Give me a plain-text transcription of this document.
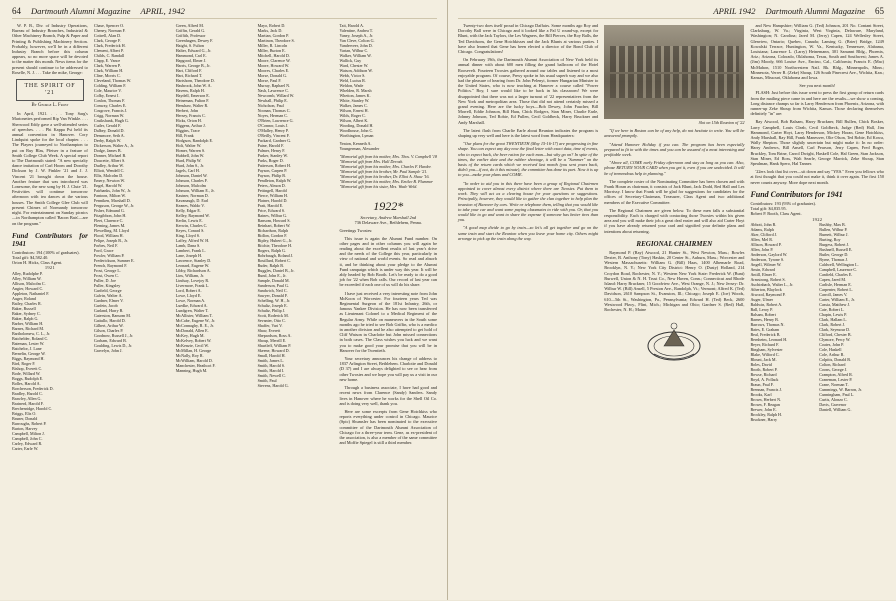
64 Dartmouth Alumni Magazine APRIL, 1942

W. P. B., Div. of Industry Operations, Bureau of Industry Branches, Industrial & Other Machinery Branch, Pulp & Paper and Printing & Publishing Machinery Section. Probably, however, we'll be in a different Industry Branch before this column appears, so no more space will be devoted to the matter this month. News items for the present should continue to be addressed to Roselle, N. J. . . . Take the mike, George:

THE SPIRIT OF '21
By George L. Frost

In April, 1921. . . . Tony Sarg's Marionettes performed Rip Van Winkle. . . . Sherwood Eddy gave a well-attended series of speeches. . . . Phi Kappa Psi held its annual convention in Hanover. Cory Lindquist spoke for the local chapter. . . . The Players journeyed to Northampton to put on Ruy Blas, Pfeiser in a feature of Smith College Club Week. A special report to The Dartmouth stated: "A new specialty dance imitation of Carl Hoom and Dorothy Dickson by J. W. Finkler '21 and J. J. Vincent '21 brought down the house. Another feature that was introduced was Lonesome, the new song by H. J. Clute '21. Festivities will continue tomorrow afternoon with tea dances at the various houses. The Smith College Glee Club will present Chimes of Normandy tomorrow night. For entertainment on Sunday picnics—in Northampton called 'Bacon Bats'—are on the program."

Fund Contributors for 1941
Contributors: 194 (100% of graduates).
Total gift: $4,582.40.
Orton H. Hicks, Class Agent.
1921
Alley, Rudolphe P.
Alley, William W.
Allison, Malcolm C.
Angier, Howard C.
Appleton, Nathaniel F.
Auger, Roland
Bailey, Charles R.
Baker, Russell
Baker, Sydney C.
Baker, Ralph G.
Barber, William H.
Barnes, Richard M.
Bartholomew, C. L., Jr.
Batchelder, Roland C.
Bateman, Lester W.
Batchelor, J. Lane
Bernelin, George W.
Biggs, Raymond H.
Bird, Roger F.
Bishop, Everett C.
Bode, Willard W.
Boggs, Rudolph E.
Bolles, Harold A.
Borcherson, Frederick D.
Bradley, Harold C.
Brawley, Allen G.
Brainerd, Harold F.
Brechenridge, Harold C.
Briggs, Elis O.
Bruner, Donald
Burroughs, Robert P.
Burton, Harvey
Campbell, Milton J.
Campbell, John C.
Carley, Edward R.
Carter, Earle W.
Chase, Spencer O.
Cheney, Norman F.
Cottrell, Alan D.
Clark, George F.
Clark, Frederick H.
Clement, Albert P.
Childs, C. Randall
Clapp, E. Vance
Clark, Warren P.
Clark, William H.
Cline, Morris C.
Cleveland, Thomas W.
Colding, William F.
Cole, Maurice V.
Colby, Ernest I.
Conlon, Thomas F.
Conway, Charles E.
Cosgrove, Francis J.
Crigg, Norman W.
Cruikshank, Hugh G.
Cutler, Gerald F.
Dalbey, Donald D.
Densmore, Seth A.
Derby, Ralph W.
Dickerson, Walter A., Jr.
Dodge, James B.
Donner, Michael B.
Doucette, Albert S.
Dudley, Arthur W.
Elliott, Wendell C.
Ellis, Malcolm D.
Emery, Newton W.
Engel, Harold W.
Fairbanks, John W., Jr.
Fantoon, Milton W.
Fenniken, Marshall D.
Ferguson, George W., Jr.
Fisher, Edmund G.
Fitzgibbon, John H.
Fleet, Clarence C.
Fleming, James M.
Flewelling, M. Lloyd
Flood, William H.
Felipe, Joseph B., Jr.
Forbes, Neil F.
Ford, Grace
Fowler, William P.
Frederickson, Sumner E.
French, Raymond F.
Frost, George L.
Frost, Owen C.
Fuller, D. Joe
Fuller, Kingsley
Garfield, George
Galvin, Walter A.
Gardner, Elmer V.
Garfein, Jacob
Garland, Harry B.
Gaterston, Ransom M.
Gattullo, Harold D.
Gilbert, Arthur W.
Gilson, Charles P.
Goodnow, Russell J., Jr.
Gorham, Edward B.
Goulding, Lewis D., Jr.
Gravelyn, John J.
Green, Alfred M.
Griffin, Gerald G.
Griffith, Professor
Greenhagen, Dewey F.
Haight, S. Fulton
Halter, Edward G., Jr.
Hammond, Carl E.
Hapgood, Elmer J.
Harris, George B., Jr.
Hart, Clifford F.
Hart, Richard T.
Hartshorn, Theodore D.
Hasbrook, John W. A.
Havens, Ralph H.
Haydell, Emerson E.
Heineman, Fulton F.
Henshaw, Walter R.
Herbert, John
Hersey, Francis C.
Hicks, Orton H.
Higgens, Arthur J.
Higgins, Trace
Hill, Frank
Hodgson, Randolph E.
Holt, Walter W.
Homer, Warren S.
Hubbell, John W.
Hurd, Philip W.
Hurd, John S., Jr.
Jagels, Carl H.
Johnson, Daniel W.
Johnson, Charles F.
Johnson, Malcolm
Johnson, William E., Jr.
Kastner, Norman D.
Kavanaugh, D. Earl
Keanes, Waldo V.
Kelly, Edgar E.
Kelley, Raymond W.
Kerlin, Lewis E.
Kerwin, Charles C.
Keyes, Conrad S.
King, Lloyd S.
Laffey, Alfred W. H.
Lamb, Dana S.
Lambert, Frank L.
Lane, Joseph H.
Lawrence, Stanley D.
Leonard, Eugene W.
Libby, Richardson A.
Lins, William, Jr.
Lindsay, Lovejoy R.
Livermore, Frank L.
Lord, Robert A.
Lowe, Lloyd E.
Lowe, Norman A.
Luedke, Edward A.
Lundgren, Walter T.
McAllister, William T.
McCabe, Eugene W., Jr.
McConnaghy, R. E., Jr.
McDonald, Allen E.
McKey, Hugh M.
McKelvey, Robert W.
McKenzie, Cecil W.
McMillan, H. George
McNally, Roy R.
McWilliam, Harold D.
Manchester, Heathcot F.
Manning, Hugh M.
Mayo, Robert D.
Marks, Jack D.
Martian, Gordon P.
Martinon, Theodore S.
Miller, R. Lincoln
Miller, Burton E.
Mitchell, Harold D.
Moore, Clarence W.
Moore, Howard W.
Moores, Charles E.
Morse, Donald G.
Morse, Paul F.
Murray, Raphael N.
Nash, Lawrence C.
Newcomb, Willard W.
Newhall, Philip E.
Nicholson, Paul
Noonan, Thomas C.
Noyes, Herman C.
O'Brien, Lawrence G.
O'Connor, Louis J.
O'Malley, Henry P.
O'Reilly, Vincent F.
Packard, Gardner G.
Paine, Harold F.
Palmer, Henry F.
Parker, Stanley W.
Parks, Roger D.
Patterson, Robert H.
Payson, Carpen P.
Payson, Philip B.
Pendleton, Ralph W.
Peters, Almon D.
Pettingell, Harold
Pierce, William H.
Platner, Harold D.
Pratt, Harold E.
Price, Edward S.
Raines, Wilbur G.
Ransom, Howard S.
Reinhart, Robert W.
Richardson, Ralph
Ridlon, Gordon F.
Ripley, Hubert G., Jr.
Ritchie, Theodore H.
Rogers, Ralph G.
Rohrbaugh, Roland J.
Rouillard, Robert C.
Ruder, Ralph B.
Ruggles, Daniel B., Jr.
Rund, John E., Jr.
Sample, Donald M.
Sanderson, Paul G.
Sandwich, Neil C.
Sawyer, Donald F.
Schelling, W. H., Jr.
Schultz, Joseph E.
Schultz, Philip J.
Scott, Roderick M.
Sevanter, Otto C.
Shaffer, Vari V.
Shaw, Everett
Shepardson, Ross A.
Shoup, Merrill E.
Shurtleff, William P.
Skeene, Howard D.
Small, Harold H.
Smith, James L.
Smith, Harold S.
Smith, Harold I.
Smith, Newell C.
Smith, Paul
Stevens, Harold G.
Tait, Harold A.
Valentine, Andrea T.
Vaney, Joseph A., Jr.
Van Cleve, Colton G.
Vanderveer, John D.
Vartan, Wilbur C.
Walker, William W.
Wallick, Guy
Ward, Chester W.
Watson, Addison W.
Webb, Victor S.
Weld, Lucius R.
Weldon, Wade
Whelden, R. Marsh
Whetton, James K.
White, Stanley W.
Walker, James C.
Wilson, Ernest H.
Wilds, Roger C.
Wilson, Albert K.
Wooding, Donald H.
Woodhouse, John C.
Worthington, Lyman
Yeaton, Kenneth A.
Youngerman, Alexander
"Memorial gift from his mother, Mrs. Thos. V. Campbell '18
"Memorial gift from Mrs. Hall Derosh.
"Memorial gift from his mother, Mrs. Charles F. Harder.
"Memorial gift from his brother, Mr. Paul Sample '21.
"Memorial gift from his brother, Dr. Elliot A. Shaw '16.
"Memorial gift from his mother, Mrs. Emilee B. Plummer
"Memorial gift from his sister, Mrs. Wade Weld.
1922*
Secretary, Andrew Marshall 2nd
736 Delaware Ave., Bethlehem, Penna.
Greetings Twosies:

This issue is again the Alumni Fund number. On other pages and in other columns you will again be reading about the excellent results of last year's drive and the needs of the College this year, particularly in view of national and world events. So read and absorb it, and be thinking about your pledge to the Alumni Fund campaign which is under way this year. It will be ably headed by Bob Booth. Let's be ready to do a good job for '22 when Bob calls. Our record of last year can be exceeded if each one of us will do his share.

I have just received a very interesting note from John McKoon of Worcester. For fourteen years Ted was Regimental Surgeon of the 181st Infantry, 26th, or famous Yankee Division. He has now been transferred as Lieutenant Colonel to a Medical Regiment of the Regular Army. While on maneuvers in the South some months ago he tried to see Bob Griffin, who is a medico in another division and he also attempted to get hold of Cliff Watson in Charlotte but John missed connections in both cases. The Class wishes you luck and we want you to make good your promise that you will be in Hanover for the Twentieth.

Your secretary announces his change of address to 1837 Arlington Street, Bethlehem. Charlotte and Donald (D 37) and I are always delighted to see or hear from other Twosies and we hope you will pay us a visit in our new home.

Through a business associate, I have had good and recent news from Clarence (Sandy) Sanders. Sandy lives in Hanover where he works for the Shell Oil Co. and is doing very well, thank you.

Here are some excerpts from Gene Hotchkiss who reports everything under control in Chicago. Maurice (Spic) Shumsler has been nominated to the executive committee of the Dartmouth Alumni Association of Chicago for a three-year term. Gene, as ex-president of the association, is also a member of the same committee and Moffie Spiegel is still a third member.

APRIL 1942 Dartmouth Alumni Magazine 65

Twenty-two does itself proud in Chicago Daffairs. Some months ago Roy and Dorothy Ball were in Chicago and it looked like a Pal U round-up, except for Blunt, with the Jack Taylors, the Les Wagners, the Bill Pierces, the Roy Balls, the Ted Davidsons, the Gene Hotchkisses and the Jack Blunts at various parties. I have also learned that Gene has been elected a director of the Bond Club of Chicago. Congratulations!

On February 19th, the Dartmouth Alumni Association of New York held its annual dinner with about 600 men filling the grand ballroom of the Hotel Roosevelt. Fourteen Twosies gathered around our tables and listened to a most enjoyable program. Of course, Prexy spoke in his usual superb way and we also had the pleasure of hearing from Dr. John Pelenyi, former Hungarian Minister to the United States, who is now teaching at Hanover a course called "Power Politics." Boy, I sure would like to be back in his classroom! We were disappointed that there was not a larger turnout of '22 representatives from the New York and metropolitan area. Those that did not attend certainly missed a grand evening. Here are the lucky boys—Bob Dewey, John Faucher, Bill Morrell, Eddie Johnson, Bill Haas, Chick Rodgers, Stan Miner, Charlie Earle, Johnny Johnson, Ted Robie, Ed Pullen, Cecil Goldbeck, Harry Bruckner and Andy Marshall.

The latest flash from Charlie Earle about Reunion indicates the program is shaping up very well and here is the latest word from Headquarters:

"Our plans for the great TWENTIETH (May 15-16-17) are progressing in fine shape. You can expect any day now the final letter with exact data, time of events, who to expect back, the beer ration for each man—but why go on? In spite of the times, the earlier date and the rubber shortage, it will be a "Summer" on the basis of the return cards which we received last month (you sent yours back, didn't you—if not, do it this minute), the committee has done its part. Now it is up to you—make your plans and COME.

"In order to aid you in this there have been a group of Regional Chairmen appointed to cover almost every district where there are Twosies. Put them to work. They will act as a clearing house for your questions or suggestions. Principally, however, they would like to gather the clan together to help plan the invasion of Hanover by cars. Write or telephone them, telling that you would like to take your car and want some paying classmates to ride with you. Or, that you would like to go and want to share the expense if someone has better tires than you.

"A good map divide to go by train—so let's all get together and go on the same train and start the Reunion when you leave your home city. Others might arrange to pick up the train along the way.

Slot on 15th Reunion of '22

"If we here in Boston can be of any help, do not hesitate to write. You will be answered promptly.

"Attend Hanover Holiday if you can. The program has been especially prepared to fit in with the times and you can be assured of a most interesting and profitable week.

"Above all, COME early Friday afternoon and stay as long as you can. Also, please RETURN YOUR CARD when you get it, even if you are undecided. It will be of tremendous help in planning."

The complete roster of the Nominating Committee has been chosen and with Frank Horan as chairman, it consists of Jack Blunt, Jack Dodd, Red Hall and Les Morrissy. I know that Frank will be glad for suggestions for candidates for the offices of Secretary-Chairman, Treasurer, Class Agent and two additional members of the Executive Committee.

The Regional Chairmen are given below. To these men falls a substantial responsibility. Each is charged with contacting those Twosies within his given area and you will make their job a great deal easier and will also aid Carter Hoyt if you have already returned your card and signified your definite plans and intentions about returning.

REGIONAL CHAIRMEN

Raymond P. (Ray) Atwood, 21 Hunter St., West Newton, Mass.; Bowles Dexter, B. Anthony (Tony) Haskin, 20 Center St., Auburn, Mass.; Worcester and Western Massachusetts: William G. (Bill) Haas, 1400 Albemarle Road, Brooklyn, N. Y.; New York City District: Henry O. (Dusty) Holland, 214 Croydon Road, Rochester, N. Y.; Western New York State: Frederick W. (Bunt) Burwell, Union & N. H. Trust Co., New Haven, Conn.; Connecticut and Rhode Island: Harry Bruckner, 15 Goodview Ave., West Orange, N. J.; New Jersey: Dr. Wilbur W. (Bill) Ansell, 5 Preston Ave., Randolph, Vt.; Vermont; Alfred K. (Ted) Davidson, 2610 Sampson St., Evanston, Ill.; Chicago; Joseph E. (Joe) Woods, 610—5th St., Washington, Pa., Pennsylvania; Edward H. (Ted) Beck, 2600 Westwood Pkwy., Flint, Mich.; Michigan and Ohio; Gardner S. (Red) Hall, Rochester, N. H.; Maine

and New Hampshire; William G. (Ted) Johnson, 201 No. Contant Street, Clarksburg, W. Va.; Virginia, West Virginia, Delaware, Maryland, Washington; N. Carolina; Jared M. (Jerry) Capen, 124 Wellesley Street, Glenview, Ontario; Quebec, Canada; Lansing G. (Brier) Bridge, 1249 Kowalski Terrace, Huntington, W. Va., Kentucky, Tennessee, Alabama, Louisiana; Laurence L. (Larry) Heinemann, 301 Sanunnt Bldg., Phoenix, Ariz.; Arizona, Colorado, Oklahoma, Texas, South and Southwest; James A. (Jim) Moody, 666 Louise Ave., Encino, Cal., California; Francis E. (Mac) McMahon, 1510 Northwestern Natl. Bk. Bldg., Minneapolis, Minn.; Minnesota, Verrer R. (Zeke) Shoup, 126 South Pinecrest Ave., Wichita, Kan.; Kansas, Missouri, Oklahoma and Iowa.

See you next month!

FLASH: Just before this issue went to press the first group of return cards from the mailing piece came in and here are the results—we show a coming, Long distance champs so far is Larry Henderson from Phoenix, Arizona, with runner-up Zeke Shoup from Wichita, Kansas. Those declaring themselves definitely "in" are:

Ray Atwood, Bob Balsam, Harry Bruckner, Bill Bullen, Chick Bosker, Larry Campbell, Louis Cleab, Cecil Goldbeck, Judge (Red) Hall, Jim Hammond, Carter Hoyt, Larry Henderson, Mickey Horan, Gene Hotchkiss, Andy Marshall, Ray Hill, Frank Maneuver, Olie Olson, Ted Robie, Ed Kowa, Wally Shepton. Those slightly uncertain but might make it: In no order: Harry Andrews, Bill Ansell, Carl Pearson, Jerry Capen, Fred Boger, Bruckley, Tom Brine, Carrol Dwight, Haskell Cole, Hal Green, Stan Jackson, Stan Miner, Ed Ross, Walt Searle, George Marrick, Zeke Shoup, Stan Spealman, Hank Spero, Hal Tanner.

'22ers look that list over—sit down and say "YES." Even you fellows who at first thought that you could not make it, think it over again. The first 150 never counts anyway. More dope next month.

Fund Contributors for 1941
Contributors: 193 (93% of graduates).
Total gift: $4,835.95.
Robert P. Booth, Class Agent.
1922
Abbott, John R.
Adams, Ralph
Aker, Clifford J.
Allen, Mel R.
Allison, Howard P.
Allen, John P.
Anderson, Gaylord W.
Anderson, Tyrone S.
Angell, Wilmer W.
Ansin, Edward
Antill, Elmer E.
Armstrong, Robert S.
Auchinbach, Walter L., Jr.
Atherton, Blaylock
Atwood, Raymond P.
Auger, Ulmer
Baldwin, Robert A.
Ball, Leroy P.
Balsam, Robert
Barnes, Henry B.
Barrows, Thomas N.
Bates, E. Graham
Beal, Frederick B.
Bernheim, Leonard H.
Beyer, Richard F.
Bingham, Sylvester
Blake, Wilford C.
Blount, Jack M.
Boles, David
Booth, Robert P.
Bowse, Richard
Boyd, A. Pollack
Braun, Paul F.
Brennan, Francis J.
Brooks, Karl
Brown, Herbert N.
Brown, F. Reagan
Brewer, John E.
Brockley, Ralph H.
Bruckner, Harry
Bushby, Max B.
Bullen, Wilbur P.
Burnett, Wilbur J.
Burting, Roy
Burgess, Robert J.
Bushnell, Russell E.
Butler, George D.
Byrne, Thomas J.
Caldwell, Wellington L.
Campbell, Laurence C.
Canfield, Charles E.
Capen, Jared M.
Carlisle, Herman E.
Carpenter, Robert L.
Carroll, James V.
Carter, William E., Jr.
Cassia, Matthew J.
Cate, Robert L.
Chapin, Lewis P.
Clark, Hallam L.
Clark, Robert J.
Clark, Seymour D.
Clifford, Chester B.
Clymore, Percy W.
Coates, John P.
Cole, Haskell
Cole, Arthur R.
Colpitts, Donald B.
Colton, Richard
Coons, George J.
Crampton, Alfred R.
Craneman, Lester P.
Crane, Norman T.
Cummings, W. Barron, Jr.
Cunningham, Paul L.
Curtis, Alonzo C.
Davis, Gravenor
Daniell, William G.
